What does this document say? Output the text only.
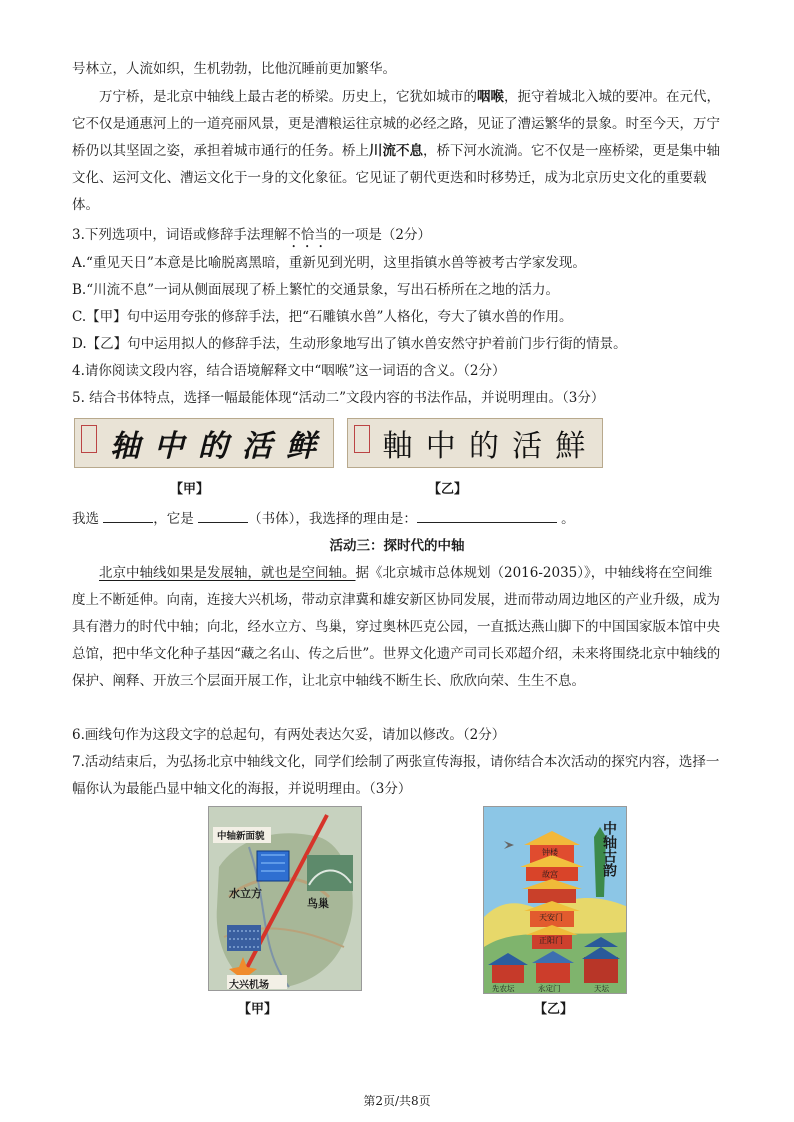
号林立，人流如织，生机勃勃，比他沉睡前更加繁华。

万宁桥，是北京中轴线上最古老的桥梁。历史上，它犹如城市的咽喉，扼守着城北入城的要冲。在元代，它不仅是通惠河上的一道亮丽风景，更是漕粮运往京城的必经之路，见证了漕运繁华的景象。时至今天，万宁桥仍以其坚固之姿，承担着城市通行的任务。桥上川流不息，桥下河水流淌。它不仅是一座桥梁，更是集中轴文化、运河文化、漕运文化于一身的文化象征。它见证了朝代更迭和时移势迁，成为北京历史文化的重要载体。

3.下列选项中，词语或修辞手法理解不恰当的一项是（2分）

A.“重见天日”本意是比喻脱离黑暗，重新见到光明，这里指镇水兽等被考古学家发现。

B.“川流不息”一词从侧面展现了桥上繁忙的交通景象，写出石桥所在之地的活力。

C.【甲】句中运用夸张的修辞手法，把“石雕镇水兽”人格化，夸大了镇水兽的作用。

D.【乙】句中运用拟人的修辞手法，生动形象地写出了镇水兽安然守护着前门步行街的情景。

4.请你阅读文段内容，结合语境解释文中“咽喉”这一词语的含义。（2分）

5. 结合书体特点，选择一幅最能体现“活动二”文段内容的书法作品，并说明理由。（3分）

轴 中 的 活 鲜 軸 中 的 活 鮮
【甲】	【乙】

我选	，它是	（书体），我选择的理由是：	。

活动三：探时代的中轴

北京中轴线如果是发展轴，就也是空间轴。据《北京城市总体规划（2016-2035）》，中轴线将在空间维度上不断延伸。向南，连接大兴机场，带动京津冀和雄安新区协同发展，进而带动周边地区的产业升级，成为具有潜力的时代中轴；向北，经水立方、鸟巢，穿过奥林匹克公园，一直抵达燕山脚下的中国国家版本馆中央总馆，把中华文化种子基因“藏之名山、传之后世”。世界文化遗产司司长邓超介绍，未来将围绕北京中轴线的保护、阐释、开放三个层面开展工作，让北京中轴线不断生长、欣欣向荣、生生不息。

6.画线句作为这段文字的总起句，有两处表达欠妥，请加以修改。（2分）

7.活动结束后，为弘扬北京中轴线文化，同学们绘制了两张宣传海报，请你结合本次活动的探究内容，选择一幅你认为最能凸显中轴文化的海报，并说明理由。（3分）

中轴新面貌
水立方
鸟巢
大兴机场
【甲】
中轴古韵
钟楼
故宫
天安门
正阳门
先农坛	永定门	天坛
【乙】
第2页/共8页
